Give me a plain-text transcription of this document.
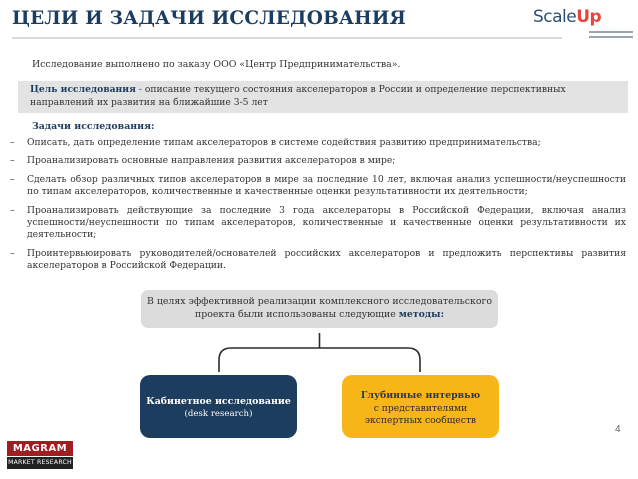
ЦЕЛИ И ЗАДАЧИ ИССЛЕДОВАНИЯ	ScaleUp
Исследование выполнено по заказу ООО «Центр Предпринимательства».
Цель исследования - описание текущего состояния акселераторов в России и определение перспективных направлений их развития на ближайшие 3-5 лет
Задачи исследования:
– Описать, дать определение типам акселераторов в системе содействия развитию предпринимательства;
– Проанализировать основные направления развития акселераторов в мире;
– Сделать обзор различных типов акселераторов в мире за последние 10 лет, включая анализ успешности/неуспешности по типам акселераторов, количественные и качественные оценки результативности их деятельности;
– Проанализировать действующие за последние 3 года акселераторы в Российской Федерации, включая анализ успешности/неуспешности по типам акселераторов, количественные и качественные оценки результативности их деятельности;
– Проинтервьюировать руководителей/основателей российских акселераторов и предложить перспективы развития акселераторов в Российской Федерации.
В целях эффективной реализации комплексного исследовательского
проекта были использованы следующие методы:
Кабинетное исследование
(desk research)
Глубинные интервью
с представителями
экспертных сообществ
MAGRAM
MARKET RESEARCH
4
